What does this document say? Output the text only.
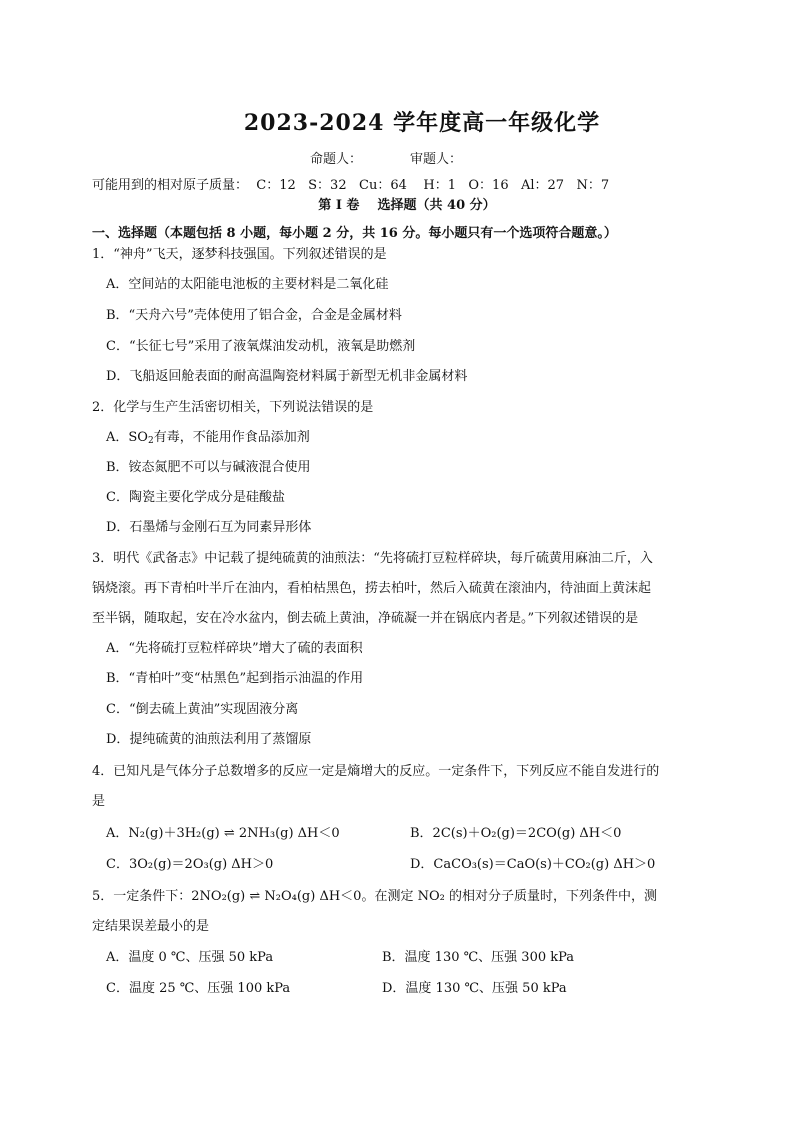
2023-2024 学年度高一年级化学
命题人：	审题人：
可能用到的相对原子质量：  C：12   S：32   Cu：64    H：1   O：16   Al：27   N：7
第 I 卷    选择题（共 40 分）
一、选择题（本题包括 8 小题，每小题 2 分，共 16 分。每小题只有一个选项符合题意。）
1．“神舟”飞天，逐梦科技强国。下列叙述错误的是
A．空间站的太阳能电池板的主要材料是二氧化硅
B．“天舟六号”壳体使用了铝合金，合金是金属材料
C．“长征七号”采用了液氧煤油发动机，液氧是助燃剂
D．飞船返回舱表面的耐高温陶瓷材料属于新型无机非金属材料
2．化学与生产生活密切相关，下列说法错误的是
A．$SO_2$有毒，不能用作食品添加剂
B．铵态氮肥不可以与碱液混合使用
C．陶瓷主要化学成分是硅酸盐
D．石墨烯与金刚石互为同素异形体
3．明代《武备志》中记载了提纯硫黄的油煎法：“先将硫打豆粒样碎块，每斤硫黄用麻油二斤，入
锅烧滚。再下青柏叶半斤在油内，看柏枯黑色，捞去柏叶，然后入硫黄在滚油内，待油面上黄沫起
至半锅，随取起，安在冷水盆内，倒去硫上黄油，净硫凝一并在锅底内者是。”下列叙述错误的是
A．“先将硫打豆粒样碎块”增大了硫的表面积
B．“青柏叶”变“枯黑色”起到指示油温的作用
C．“倒去硫上黄油”实现固液分离
D．提纯硫黄的油煎法利用了蒸馏原
4．已知凡是气体分子总数增多的反应一定是熵增大的反应。一定条件下，下列反应不能自发进行的
是
A．N₂(g)＋3H₂(g) ⇌ 2NH₃(g) ΔH＜0	B．2C(s)＋O₂(g)＝2CO(g) ΔH＜0
C．3O₂(g)＝2O₃(g) ΔH＞0	D．CaCO₃(s)＝CaO(s)＋CO₂(g) ΔH＞0
5．一定条件下：2NO₂(g) ⇌ N₂O₄(g) ΔH＜0。在测定 NO₂ 的相对分子质量时，下列条件中，测
定结果误差最小的是
A．温度 0 ℃、压强 50 kPa	B．温度 130 ℃、压强 300 kPa
C．温度 25 ℃、压强 100 kPa	D．温度 130 ℃、压强 50 kPa
